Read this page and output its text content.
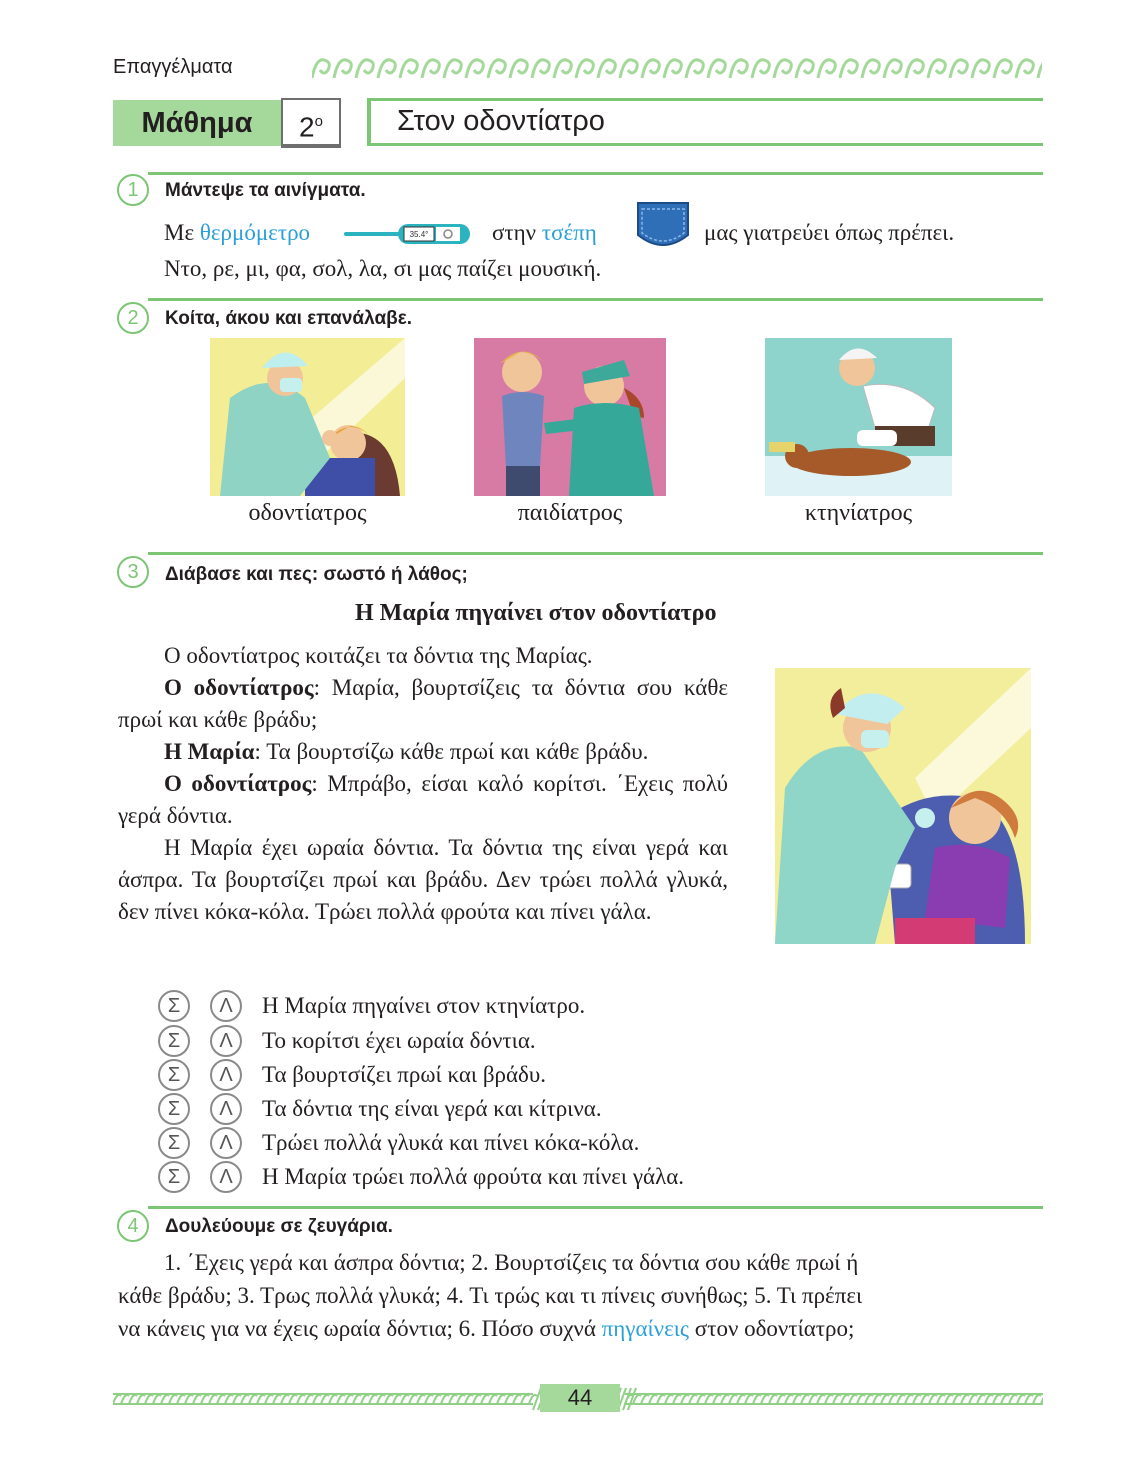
Επαγγέλματα
Μάθημα	$2^o$	Στον οδοντίατρο
1	Μάντεψε τα αινίγματα.
Με θερμόμετρο	35.4°	στην τσέπη	μας γιατρεύει όπως πρέπει.
Ντο, ρε, μι, φα, σολ, λα, σι μας παίζει μουσική.
2	Κοίτα, άκου και επανάλαβε.
οδοντίατρος	παιδίατρος	κτηνίατρος
3	Διάβασε και πες: σωστό ή λάθος;
Η Μαρία πηγαίνει στον οδοντίατρο
Ο οδοντίατρος κοιτάζει τα δόντια της Μαρίας.
Ο οδοντίατρος: Μαρία, βουρτσίζεις τα δόντια σου κάθε πρωί και κάθε βράδυ;
Η Μαρία: Τα βουρτσίζω κάθε πρωί και κάθε βράδυ.
Ο οδοντίατρος: Μπράβο, είσαι καλό κορίτσι. ΄Εχεις πολύ γερά δόντια.
Η Μαρία έχει ωραία δόντια. Τα δόντια της είναι γερά και άσπρα. Τα βουρτσίζει πρωί και βράδυ. Δεν τρώει πολλά γλυκά, δεν πίνει κόκα-κόλα. Τρώει πολλά φρούτα και πίνει γάλα.
Σ Λ Η Μαρία πηγαίνει στον κτηνίατρο.
Σ Λ Το κορίτσι έχει ωραία δόντια.
Σ Λ Τα βουρτσίζει πρωί και βράδυ.
Σ Λ Τα δόντια της είναι γερά και κίτρινα.
Σ Λ Τρώει πολλά γλυκά και πίνει κόκα-κόλα.
Σ Λ Η Μαρία τρώει πολλά φρούτα και πίνει γάλα.
4	Δουλεύουμε σε ζευγάρια.
1. ΄Εχεις γερά και άσπρα δόντια; 2. Βουρτσίζεις τα δόντια σου κάθε πρωί ή
κάθε βράδυ; 3. Τρως πολλά γλυκά; 4. Τι τρώς και τι πίνεις συνήθως; 5. Τι πρέπει
να κάνεις για να έχεις ωραία δόντια; 6. Πόσο συχνά πηγαίνεις στον οδοντίατρο;
44
